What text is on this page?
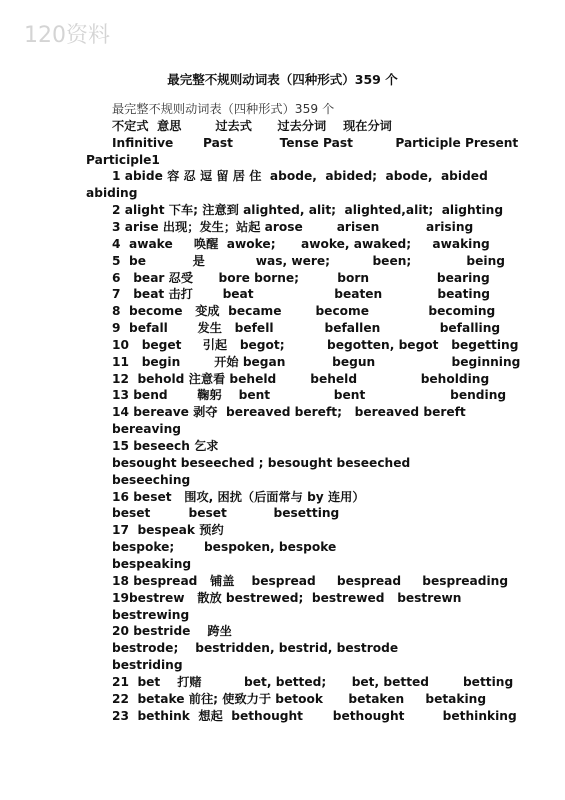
120资料
最完整不规则动词表（四种形式）359 个
最完整不规则动词表（四种形式）359 个
不定式  意思        过去式      过去分词    现在分词
Infinitive       Past           Tense Past          Participle Present
Participle1
1 abide 容 忍 逗 留 居 住  abode,  abided;  abode,  abided
abiding
2 alight 下车; 注意到 alighted, alit;  alighted,alit;  alighting
3 arise 出现；发生；站起 arose        arisen           arising
4  awake     唤醒  awoke;      awoke, awaked;     awaking
5  be           是            was, were;          been;             being
6   bear 忍受      bore borne;         born                bearing
7   beat 击打       beat                   beaten             beating
8  become   变成  became        become              becoming
9  befall       发生   befell            befallen              befalling
10   beget     引起   begot;          begotten, begot   begetting
11   begin        开始 began           begun                  beginning
12  behold 注意看 beheld        beheld               beholding
13 bend       鞠躬    bent               bent                    bending
14 bereave 剥夺  bereaved bereft;   bereaved bereft
bereaving
15 beseech 乞求
besought beseeched ; besought beseeched
beseeching
16 beset   围攻, 困扰（后面常与 by 连用）
beset         beset           besetting
17  bespeak 预约
bespoke;       bespoken, bespoke
bespeaking
18 bespread   铺盖    bespread     bespread     bespreading
19bestrew   散放 bestrewed;  bestrewed   bestrewn
bestrewing
20 bestride    跨坐
bestrode;    bestridden, bestrid, bestrode
bestriding
21  bet    打赌          bet, betted;      bet, betted        betting
22  betake 前往; 使致力于 betook      betaken     betaking
23  bethink  想起  bethought       bethought         bethinking
